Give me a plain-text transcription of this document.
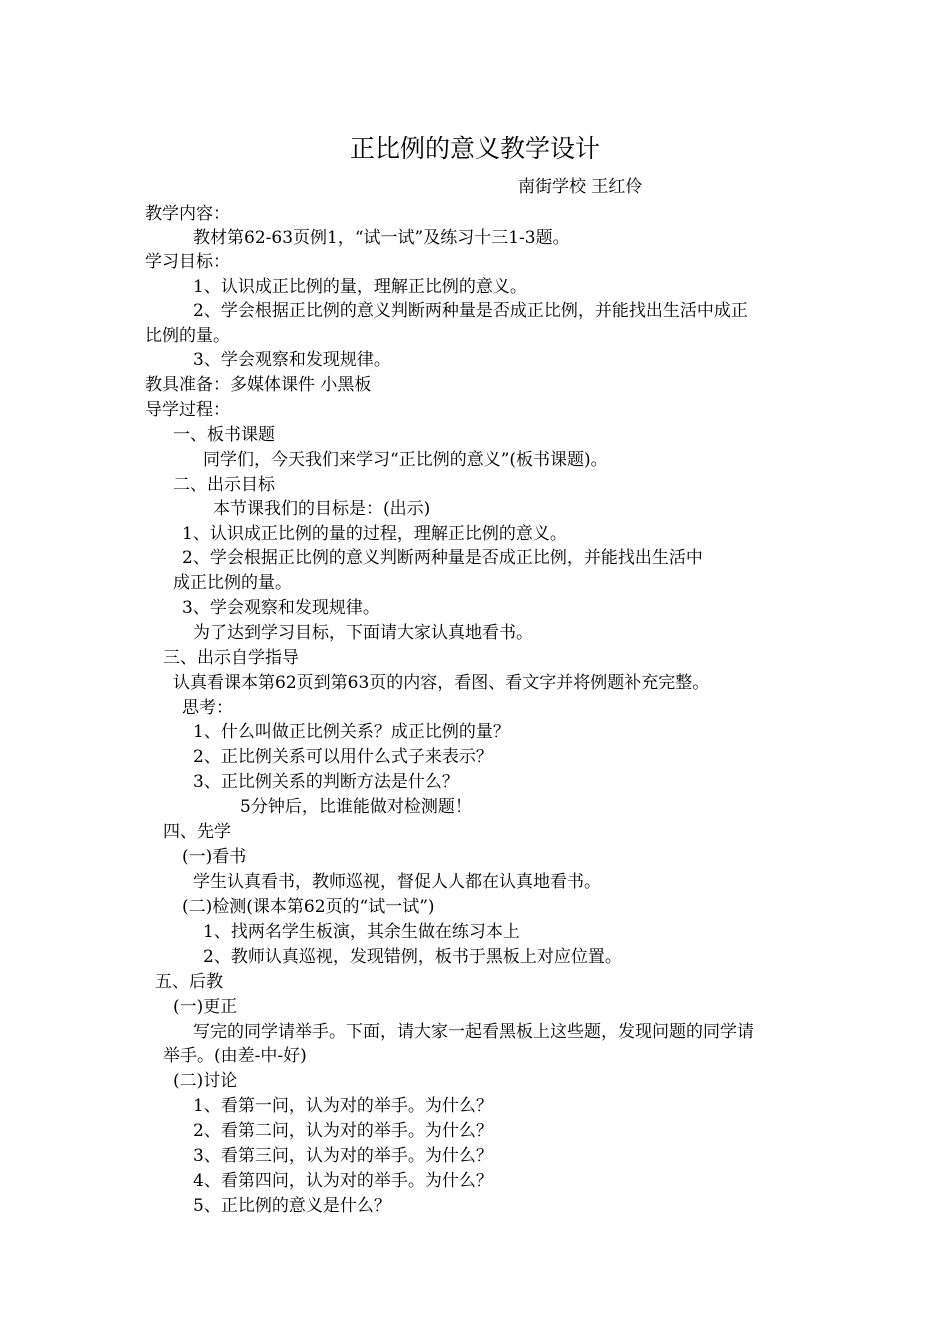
正比例的意义教学设计
南街学校 王红伶
教学内容：
教材第62-63页例1，“试一试”及练习十三1-3题。
学习目标：
1、认识成正比例的量，理解正比例的意义。
2、学会根据正比例的意义判断两种量是否成正比例，并能找出生活中成正
比例的量。
3、学会观察和发现规律。
教具准备：多媒体课件 小黑板
导学过程：
一、板书课题
同学们，今天我们来学习“正比例的意义”(板书课题)。
二、出示目标
本节课我们的目标是：(出示)
1、认识成正比例的量的过程，理解正比例的意义。
2、学会根据正比例的意义判断两种量是否成正比例，并能找出生活中
成正比例的量。
3、学会观察和发现规律。
为了达到学习目标，下面请大家认真地看书。
三、出示自学指导
认真看课本第62页到第63页的内容，看图、看文字并将例题补充完整。
思考：
1、什么叫做正比例关系？成正比例的量？
2、正比例关系可以用什么式子来表示？
3、正比例关系的判断方法是什么？
5分钟后，比谁能做对检测题！
四、先学
(一)看书
学生认真看书，教师巡视，督促人人都在认真地看书。
(二)检测(课本第62页的“试一试”)
1、找两名学生板演，其余生做在练习本上
2、教师认真巡视，发现错例，板书于黑板上对应位置。
五、后教
(一)更正
写完的同学请举手。下面，请大家一起看黑板上这些题，发现问题的同学请
举手。(由差-中-好)
(二)讨论
1、看第一问，认为对的举手。为什么？
2、看第二问，认为对的举手。为什么？
3、看第三问，认为对的举手。为什么？
4、看第四问，认为对的举手。为什么？
5、正比例的意义是什么？
